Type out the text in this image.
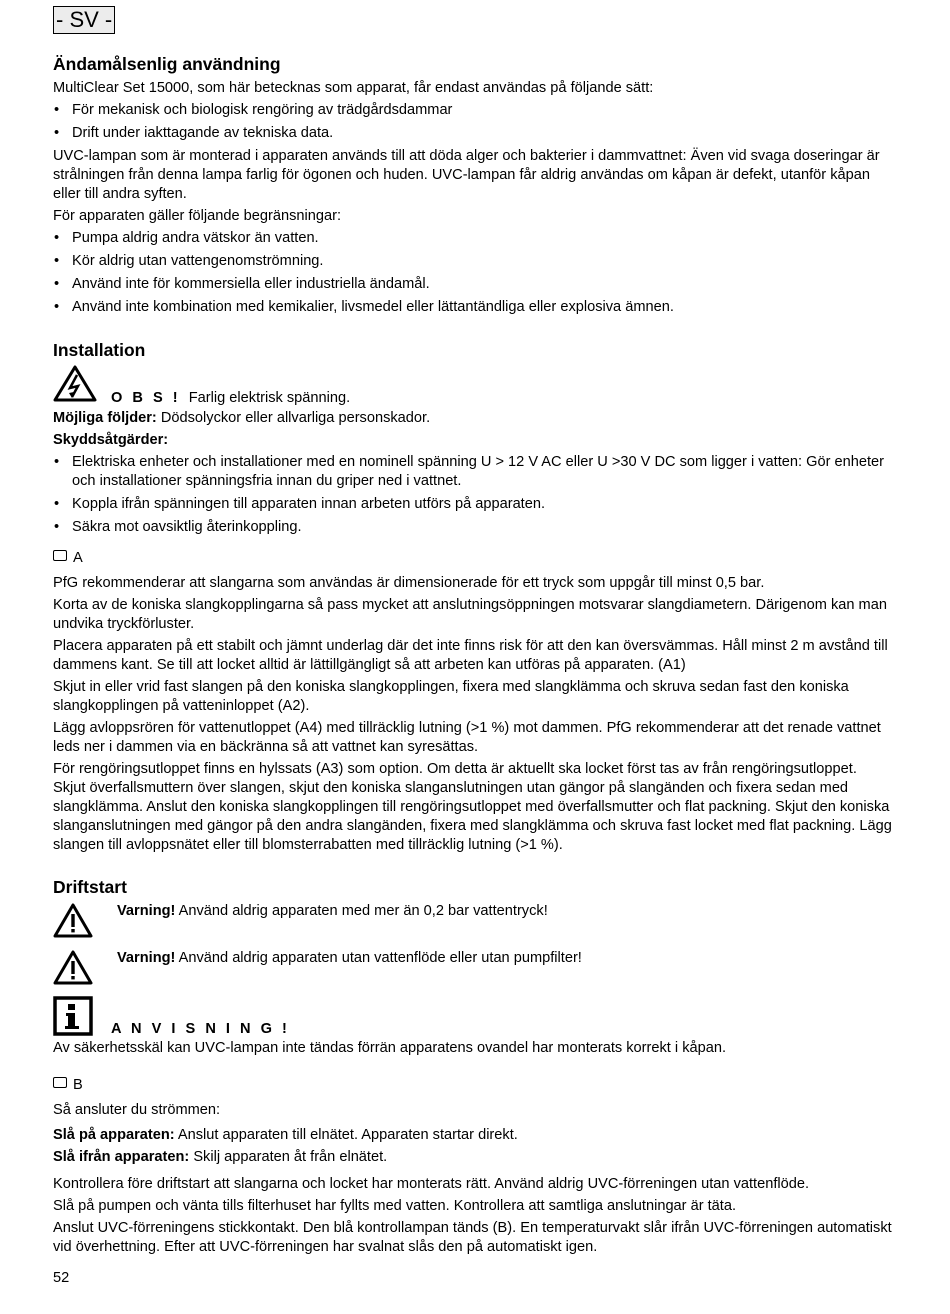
- SV -
Ändamålsenlig användning

MultiClear Set 15000, som här betecknas som apparat, får endast användas på följande sätt:

• För mekanisk och biologisk rengöring av trädgårdsdammar
• Drift under iakttagande av tekniska data.

UVC-lampan som är monterad i apparaten används till att döda alger och bakterier i dammvattnet: Även vid svaga doseringar är strålningen från denna lampa farlig för ögonen och huden. UVC-lampan får aldrig användas om kåpan är defekt, utanför kåpan eller till andra syften.

För apparaten gäller följande begränsningar:

• Pumpa aldrig andra vätskor än vatten.
• Kör aldrig utan vattengenomströmning.
• Använd inte för kommersiella eller industriella ändamål.
• Använd inte kombination med kemikalier, livsmedel eller lättantändliga eller explosiva ämnen.
Installation

O B S ! Farlig elektrisk spänning.

Möjliga följder: Dödsolyckor eller allvarliga personskador.

Skyddsåtgärder:

• Elektriska enheter och installationer med en nominell spänning U > 12 V AC eller U >30 V DC som ligger i vatten: Gör enheter och installationer spänningsfria innan du griper ned i vattnet.
• Koppla ifrån spänningen till apparaten innan arbeten utförs på apparaten.
• Säkra mot oavsiktlig återinkoppling.
A

PfG rekommenderar att slangarna som användas är dimensionerade för ett tryck som uppgår till minst 0,5 bar.

Korta av de koniska slangkopplingarna så pass mycket att anslutningsöppningen motsvarar slangdiametern. Därigenom kan man undvika tryckförluster.

Placera apparaten på ett stabilt och jämnt underlag där det inte finns risk för att den kan översvämmas. Håll minst 2 m avstånd till dammens kant. Se till att locket alltid är lättillgängligt så att arbeten kan utföras på apparaten. (A1)

Skjut in eller vrid fast slangen på den koniska slangkopplingen, fixera med slangklämma och skruva sedan fast den koniska slangkopplingen på vatteninloppet (A2).

Lägg avloppsrören för vattenutloppet (A4) med tillräcklig lutning (>1 %) mot dammen. PfG rekommenderar att det renade vattnet leds ner i dammen via en bäckränna så att vattnet kan syresättas.

För rengöringsutloppet finns en hylssats (A3) som option. Om detta är aktuellt ska locket först tas av från rengöringsutloppet. Skjut överfallsmuttern över slangen, skjut den koniska slanganslutningen utan gängor på slangänden och fixera sedan med slangklämma. Anslut den koniska slangkopplingen till rengöringsutloppet med överfallsmutter och flat packning. Skjut den koniska slanganslutningen med gängor på den andra slangänden, fixera med slangklämma och skruva fast locket med flat packning. Lägg slangen till avloppsnätet eller till blomsterrabatten med tillräcklig lutning (>1 %).

Driftstart
Varning! Använd aldrig apparaten med mer än 0,2 bar vattentryck!
Varning! Använd aldrig apparaten utan vattenflöde eller utan pumpfilter!
A N V I S N I N G !

Av säkerhetsskäl kan UVC-lampan inte tändas förrän apparatens ovandel har monterats korrekt i kåpan.

B

Så ansluter du strömmen:

Slå på apparaten: Anslut apparaten till elnätet. Apparaten startar direkt.

Slå ifrån apparaten: Skilj apparaten åt från elnätet.

Kontrollera före driftstart att slangarna och locket har monterats rätt. Använd aldrig UVC-förreningen utan vattenflöde.

Slå på pumpen och vänta tills filterhuset har fyllts med vatten. Kontrollera att samtliga anslutningar är täta.

Anslut UVC-förreningens stickkontakt. Den blå kontrollampan tänds (B). En temperaturvakt slår ifrån UVC-förreningen automatiskt vid överhettning. Efter att UVC-förreningen har svalnat slås den på automatiskt igen.

52
